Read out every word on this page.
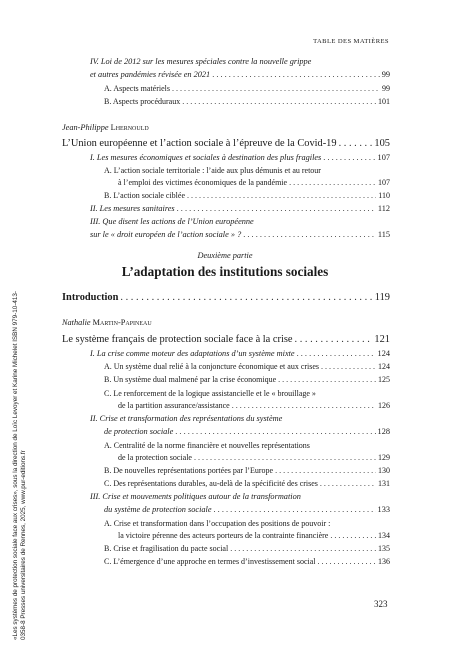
TABLE DES MATIÈRES
«Les systèmes de protection sociale face aux crises», sous la direction de Loïc Levoyer et Karine Michelet ISBN 979-10-413-0358-8 Presses universitaires de Rennes, 2025, www.pur-editions.fr
IV. Loi de 2012 sur les mesures spéciales contre la nouvelle grippe
et autres pandémies révisée en 2021 . . .	99
A. Aspects matériels . . .	99
B. Aspects procéduraux . . .	101
Jean-Philippe Lhernould
L’Union européenne et l’action sociale à l’épreuve de la Covid-19 . . .	105
I. Les mesures économiques et sociales à destination des plus fragiles . . .	107
A. L’action sociale territoriale : l’aide aux plus démunis et au retour
à l’emploi des victimes économiques de la pandémie . . .	107
B. L’action sociale ciblée . . .	110
II. Les mesures sanitaires . . .	112
III. Que disent les actions de l’Union européenne
sur le « droit européen de l’action sociale » ? . . .	115
Deuxième partie
L’adaptation des institutions sociales
Introduction . . .	119
Nathalie Martin-Papineau
Le système français de protection sociale face à la crise . . .	121
I. La crise comme moteur des adaptations d’un système mixte . . .	124
A. Un système dual relié à la conjoncture économique et aux crises . . .	124
B. Un système dual malmené par la crise économique . . .	125
C. Le renforcement de la logique assistancielle et le « brouillage »
de la partition assurance/assistance . . .	126
II. Crise et transformation des représentations du système
de protection sociale . . .	128
A. Centralité de la norme financière et nouvelles représentations
de la protection sociale . . .	129
B. De nouvelles représentations portées par l’Europe . . .	130
C. Des représentations durables, au-delà de la spécificité des crises . . .	131
III. Crise et mouvements politiques autour de la transformation
du système de protection sociale . . .	133
A. Crise et transformation dans l’occupation des positions de pouvoir :
la victoire pérenne des acteurs porteurs de la contrainte financière . . .	134
B. Crise et fragilisation du pacte social . . .	135
C. L’émergence d’une approche en termes d’investissement social . . .	136
323
